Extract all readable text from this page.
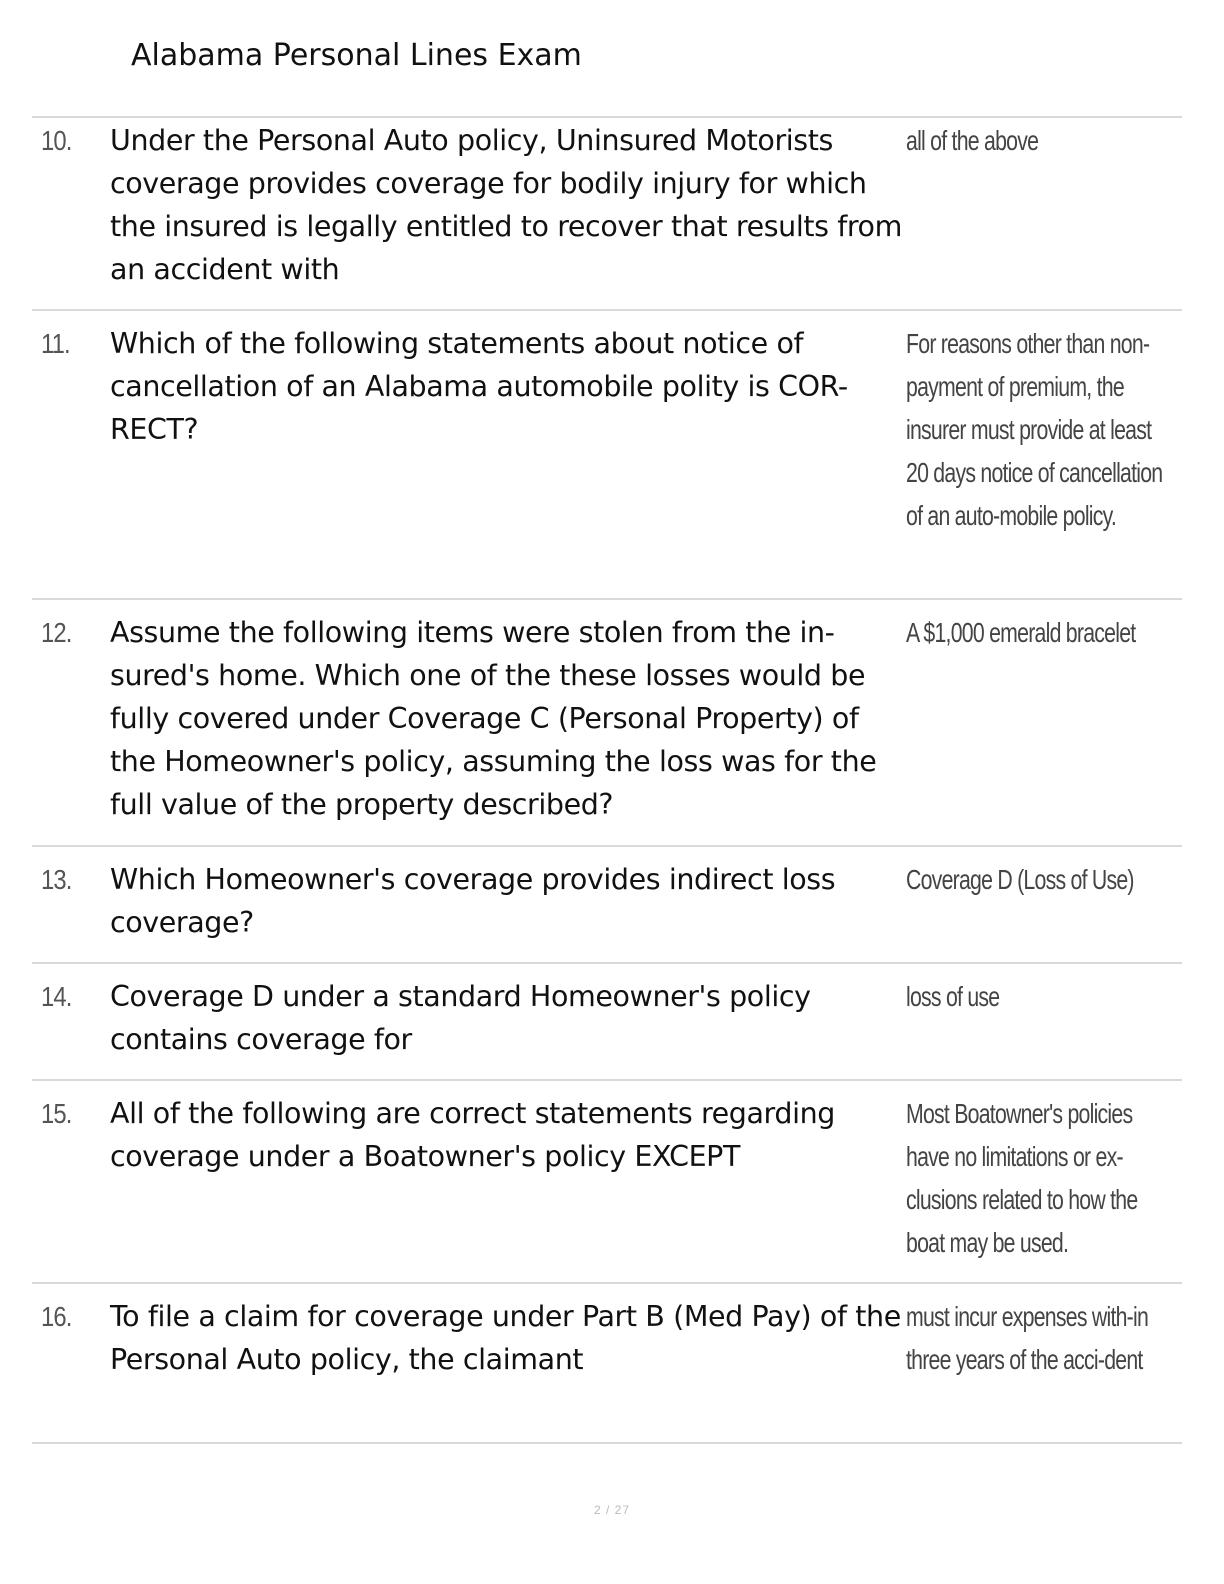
Alabama Personal Lines Exam
10. Under the Personal Auto policy, Uninsured Motorists coverage provides coverage for bodily injury for which the insured is legally entitled to recover that results from an accident with
all of the above
11. Which of the following statements about notice of cancellation of an Alabama automobile polity is COR-RECT?
For reasons other than non-payment of premium, the insurer must provide at least 20 days notice of cancellation of an auto-mobile policy.
12. Assume the following items were stolen from the in-sured's home. Which one of the these losses would be fully covered under Coverage C (Personal Property) of the Homeowner's policy, assuming the loss was for the full value of the property described?
A $1,000 emerald bracelet
13. Which Homeowner's coverage provides indirect loss coverage?
Coverage D (Loss of Use)
14. Coverage D under a standard Homeowner's policy contains coverage for
loss of use
15. All of the following are correct statements regarding coverage under a Boatowner's policy EXCEPT
Most Boatowner's policies have no limitations or ex-clusions related to how the boat may be used.
16. To file a claim for coverage under Part B (Med Pay) of the Personal Auto policy, the claimant
must incur expenses with-in three years of the acci-dent
2 / 27
